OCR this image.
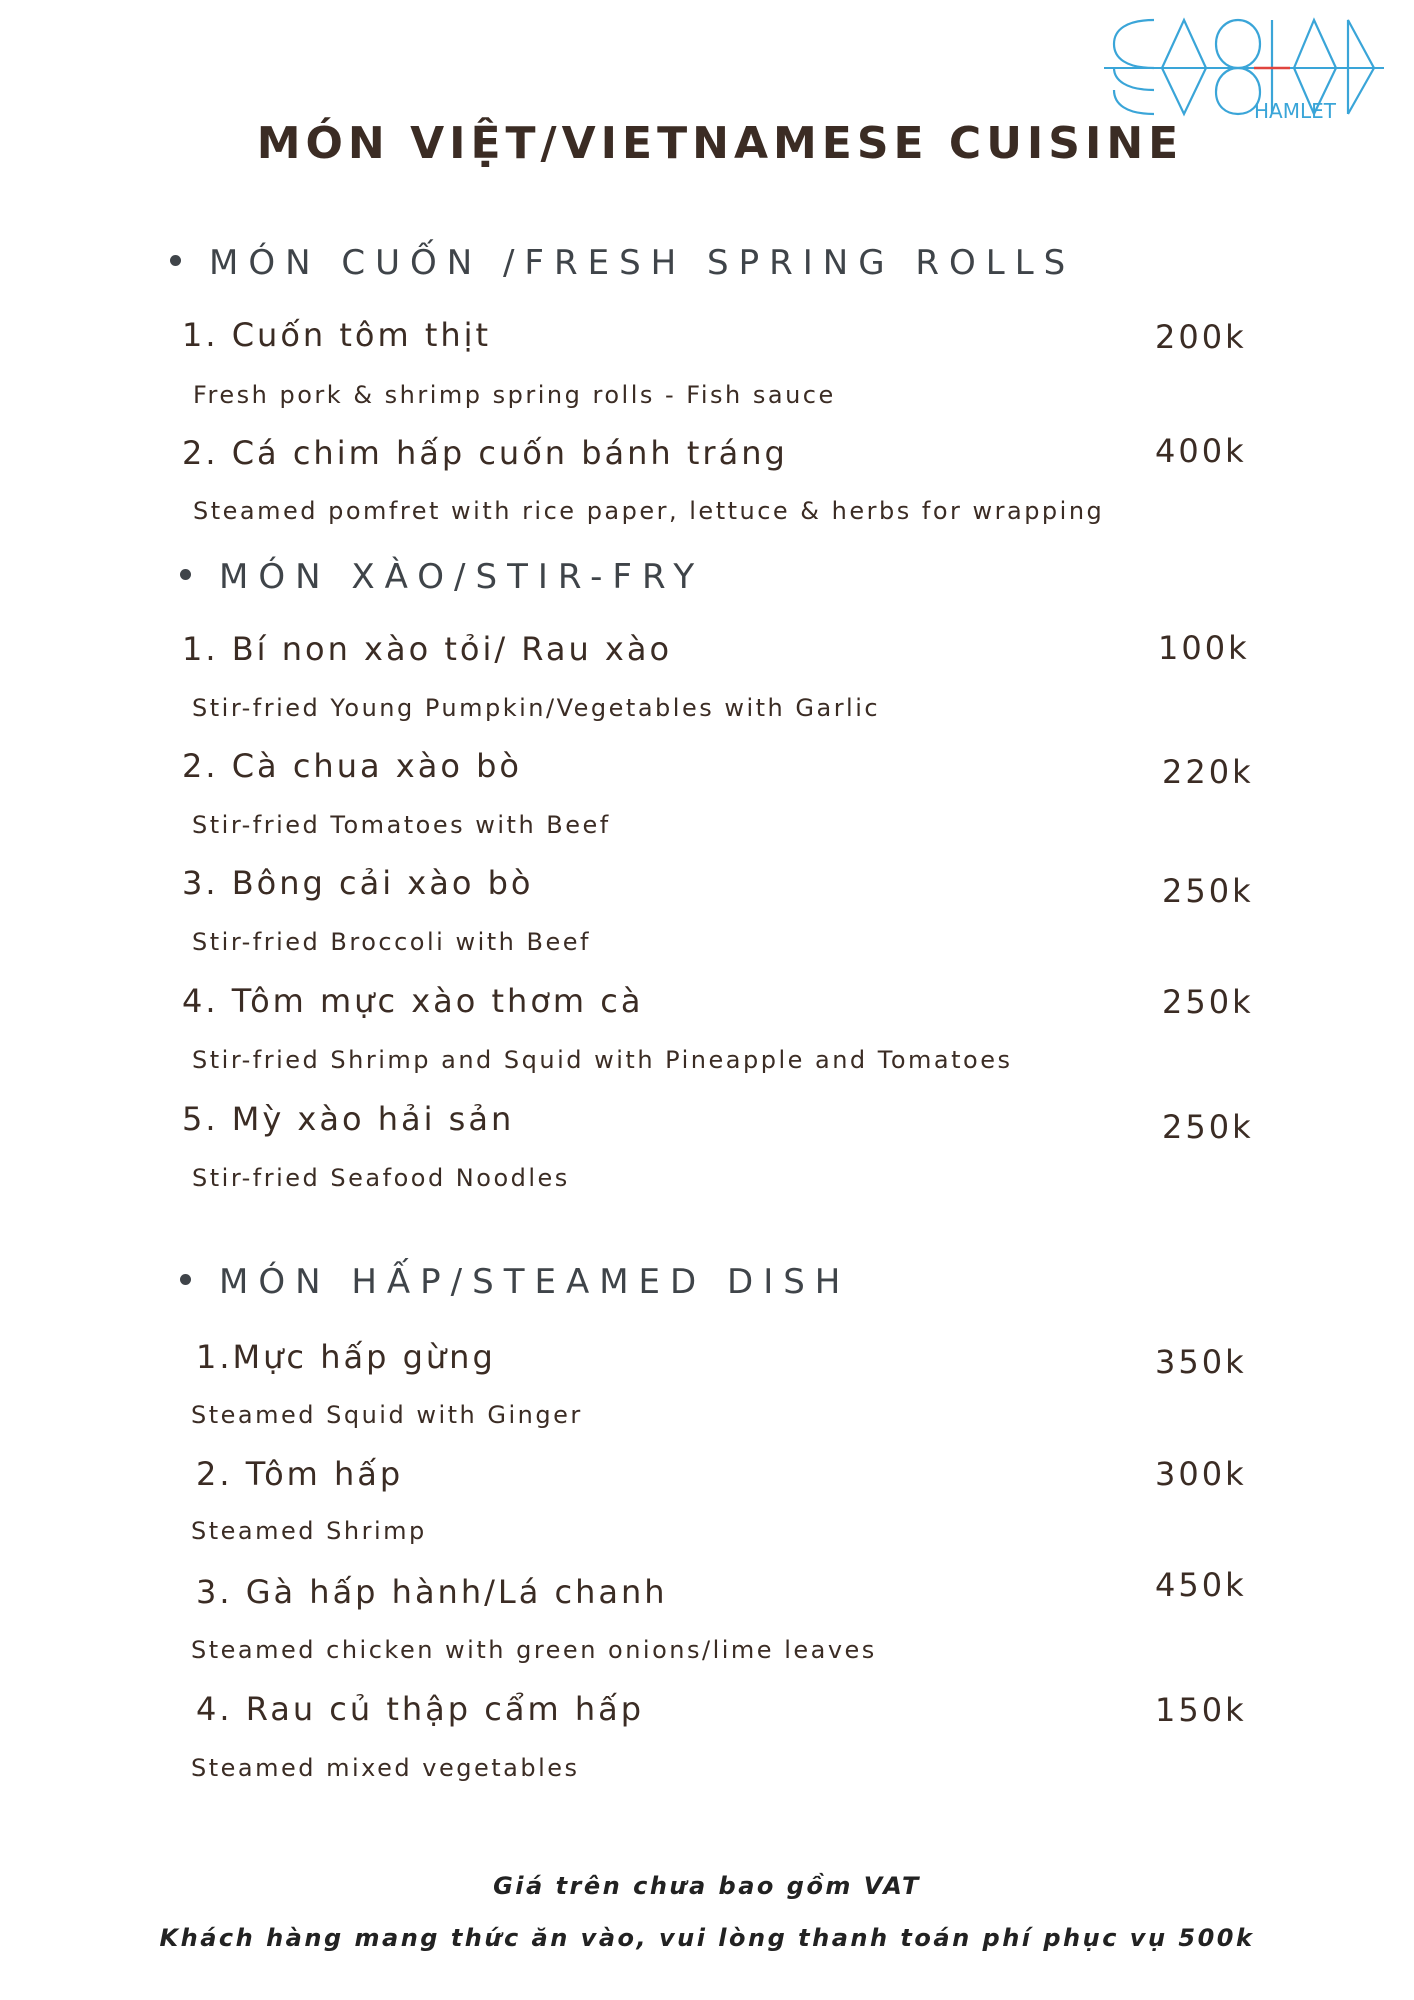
HAMLET
MÓN VIỆT/VIETNAMESE CUISINE
MÓN CUỐN /FRESH SPRING ROLLS
1. Cuốn tôm thịt	200k
Fresh pork & shrimp spring rolls - Fish sauce
2. Cá chim hấp cuốn bánh tráng	400k
Steamed pomfret with rice paper, lettuce & herbs for wrapping
MÓN XÀO/STIR-FRY
1. Bí non xào tỏi/ Rau xào	100k
Stir-fried Young Pumpkin/Vegetables with Garlic
2. Cà chua xào bò	220k
Stir-fried Tomatoes with Beef
3. Bông cải xào bò	250k
Stir-fried Broccoli with Beef
4. Tôm mực xào thơm cà	250k
Stir-fried Shrimp and Squid with Pineapple and Tomatoes
5. Mỳ xào hải sản	250k
Stir-fried Seafood Noodles
MÓN HẤP/STEAMED DISH
1.Mực hấp gừng	350k
Steamed Squid with Ginger
2. Tôm hấp	300k
Steamed Shrimp
3. Gà hấp hành/Lá chanh	450k
Steamed chicken with green onions/lime leaves
4. Rau củ thập cẩm hấp	150k
Steamed mixed vegetables

Giá trên chưa bao gồm VAT

Khách hàng mang thức ăn vào, vui lòng thanh toán phí phục vụ 500k
